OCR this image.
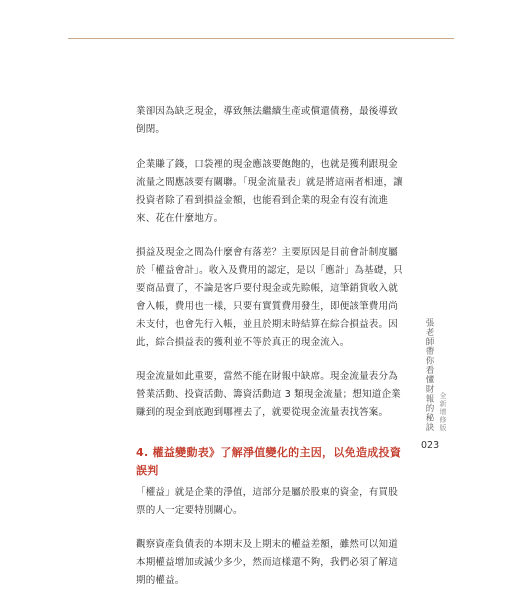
業卻因為缺乏現金，導致無法繼續生產或償還債務，最後導致倒閉。

企業賺了錢，口袋裡的現金應該要飽飽的，也就是獲利跟現金流量之間應該要有關聯。「現金流量表」就是將這兩者相連，讓投資者除了看到損益金額，也能看到企業的現金有沒有流進來、花在什麼地方。

損益及現金之間為什麼會有落差？主要原因是目前會計制度屬於「權益會計」。收入及費用的認定，是以「應計」為基礎，只要商品賣了，不論是客戶要付現金或先賒帳，這筆銷貨收入就會入帳，費用也一樣，只要有實質費用發生，即便該筆費用尚未支付，也會先行入帳，並且於期末時結算在綜合損益表。因此，綜合損益表的獲利並不等於真正的現金流入。

現金流量如此重要，當然不能在財報中缺席。現金流量表分為營業活動、投資活動、籌資活動這 3 類現金流量；想知道企業賺到的現金到底跑到哪裡去了，就要從現金流量表找答案。

4. 權益變動表》了解淨值變化的主因，以免造成投資誤判

「權益」就是企業的淨值，這部分是屬於股東的資金，有買股票的人一定要特別關心。

觀察資產負債表的本期末及上期末的權益差額，雖然可以知道本期權益增加或減少多少，然而這樣還不夠，我們必須了解這期的權益。

張老師帶你看懂財報的秘訣 全新增修版
023
